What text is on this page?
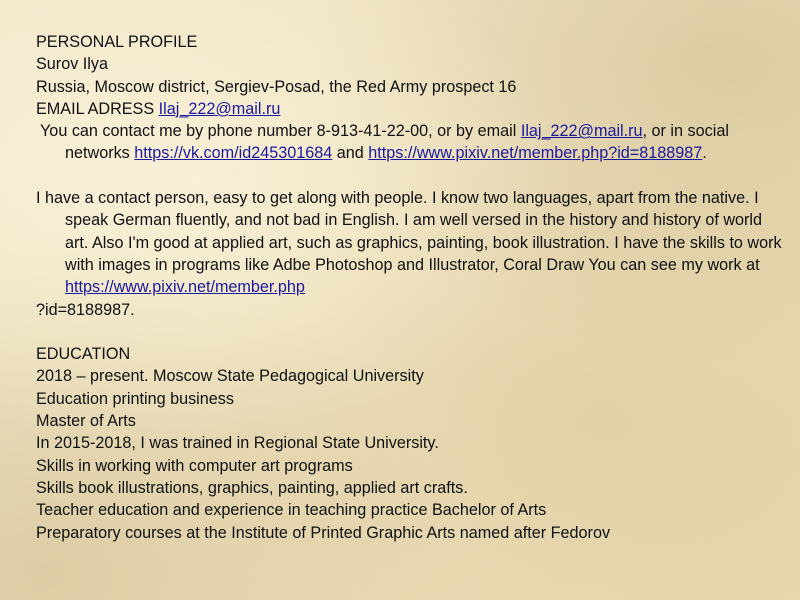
PERSONAL PROFILE
Surov Ilya
Russia, Moscow district, Sergiev-Posad, the Red Army prospect 16
EMAIL ADRESS Ilaj_222@mail.ru
You can contact me by phone number 8-913-41-22-00, or by email Ilaj_222@mail.ru, or in social networks https://vk.com/id245301684 and https://www.pixiv.net/member.php?id=8188987.
I have a contact person, easy to get along with people. I know two languages, apart from the native. I speak German fluently, and not bad in English. I am well versed in the history and history of world art. Also I'm good at applied art, such as graphics, painting, book illustration. I have the skills to work with images in programs like Adbe Photoshop and Illustrator, Coral Draw You can see my work at https://www.pixiv.net/member.php
?id=8188987.
EDUCATION
2018 – present. Moscow State Pedagogical University
Education printing business
Master of Arts
In 2015-2018, I was trained in Regional State University.
Skills in working with computer art programs
Skills book illustrations, graphics, painting, applied art crafts.
Teacher education and experience in teaching practice Bachelor of Arts
Preparatory courses at the Institute of Printed Graphic Arts named after Fedorov
